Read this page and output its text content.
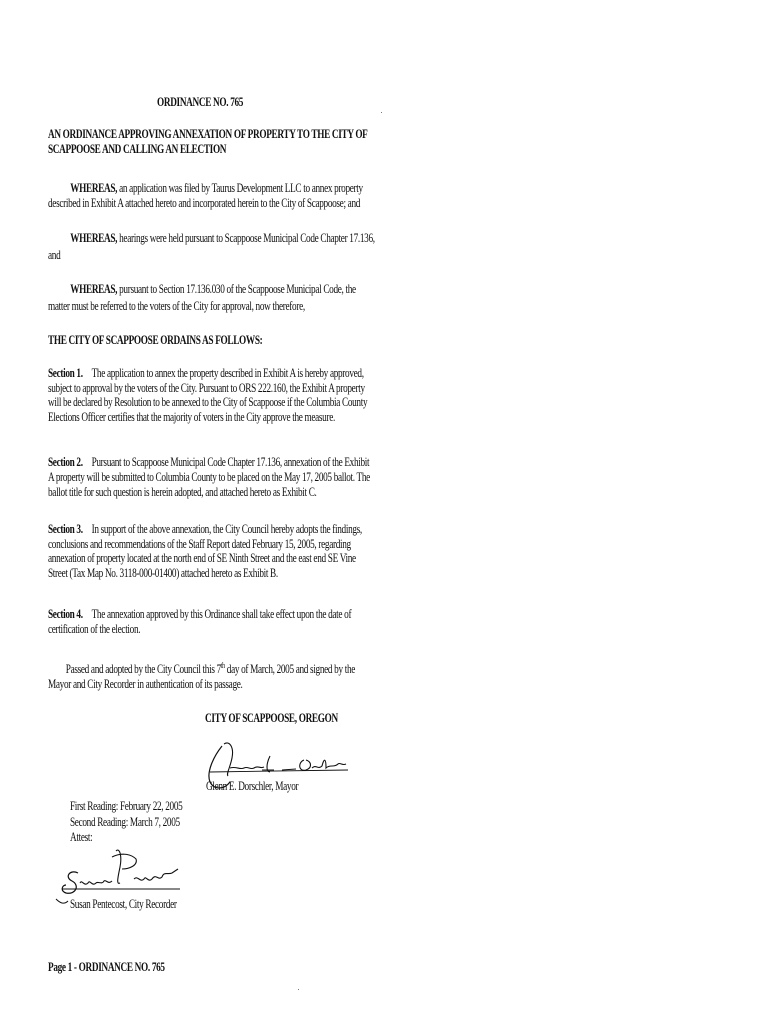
ORDINANCE NO. 765
AN ORDINANCE APPROVING ANNEXATION OF PROPERTY TO THE CITY OF
SCAPPOOSE AND CALLING AN ELECTION
WHEREAS, an application was filed by Taurus Development LLC to annex property
described in Exhibit A attached hereto and incorporated herein to the City of Scappoose; and
WHEREAS, hearings were held pursuant to Scappoose Municipal Code Chapter 17.136,
and
WHEREAS, pursuant to Section 17.136.030 of the Scappoose Municipal Code, the
matter must be referred to the voters of the City for approval, now therefore,
THE CITY OF SCAPPOOSE ORDAINS AS FOLLOWS:
Section 1. The application to annex the property described in Exhibit A is hereby approved,
subject to approval by the voters of the City. Pursuant to ORS 222.160, the Exhibit A property
will be declared by Resolution to be annexed to the City of Scappoose if the Columbia County
Elections Officer certifies that the majority of voters in the City approve the measure.
Section 2. Pursuant to Scappoose Municipal Code Chapter 17.136, annexation of the Exhibit
A property will be submitted to Columbia County to be placed on the May 17, 2005 ballot. The
ballot title for such question is herein adopted, and attached hereto as Exhibit C.
Section 3. In support of the above annexation, the City Council hereby adopts the findings,
conclusions and recommendations of the Staff Report dated February 15, 2005, regarding
annexation of property located at the north end of SE Ninth Street and the east end SE Vine
Street (Tax Map No. 3118-000-01400) attached hereto as Exhibit B.
Section 4. The annexation approved by this Ordinance shall take effect upon the date of
certification of the election.
Passed and adopted by the City Council this 7th day of March, 2005 and signed by the
Mayor and City Recorder in authentication of its passage.
CITY OF SCAPPOOSE, OREGON
Glenn E. Dorschler, Mayor
First Reading: February 22, 2005
Second Reading: March 7, 2005
Attest:
Susan Pentecost, City Recorder
Page 1 - ORDINANCE NO. 765
